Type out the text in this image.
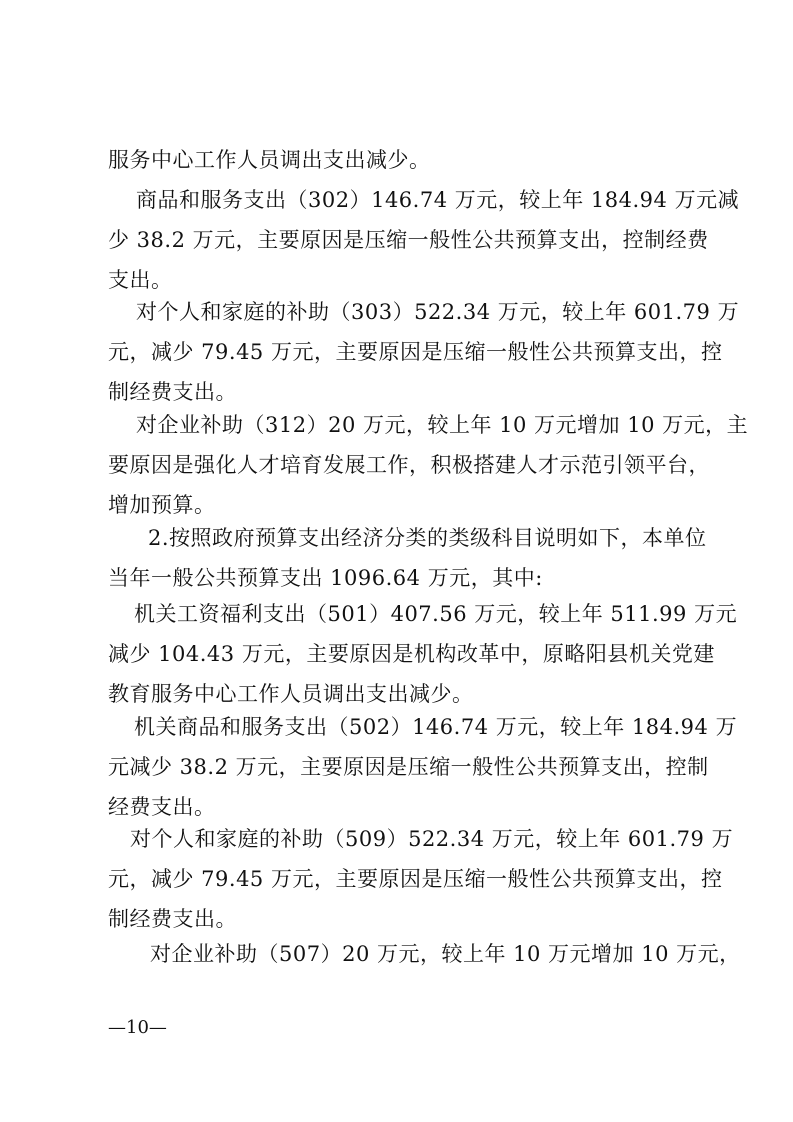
服务中心工作人员调出支出减少。
商品和服务支出（302）146.74 万元，较上年 184.94 万元减
少 38.2 万元，主要原因是压缩一般性公共预算支出，控制经费
支出。
对个人和家庭的补助（303）522.34 万元，较上年 601.79 万
元，减少 79.45 万元，主要原因是压缩一般性公共预算支出，控
制经费支出。
对企业补助（312）20 万元，较上年 10 万元增加 10 万元，主
要原因是强化人才培育发展工作，积极搭建人才示范引领平台，
增加预算。
2.按照政府预算支出经济分类的类级科目说明如下，本单位
当年一般公共预算支出 1096.64 万元，其中:
机关工资福利支出（501）407.56 万元，较上年 511.99 万元
减少 104.43 万元，主要原因是机构改革中，原略阳县机关党建
教育服务中心工作人员调出支出减少。
机关商品和服务支出（502）146.74 万元，较上年 184.94 万
元减少 38.2 万元，主要原因是压缩一般性公共预算支出，控制
经费支出。
对个人和家庭的补助（509）522.34 万元，较上年 601.79 万
元，减少 79.45 万元，主要原因是压缩一般性公共预算支出，控
制经费支出。
对企业补助（507）20 万元，较上年 10 万元增加 10 万元，
—10—
